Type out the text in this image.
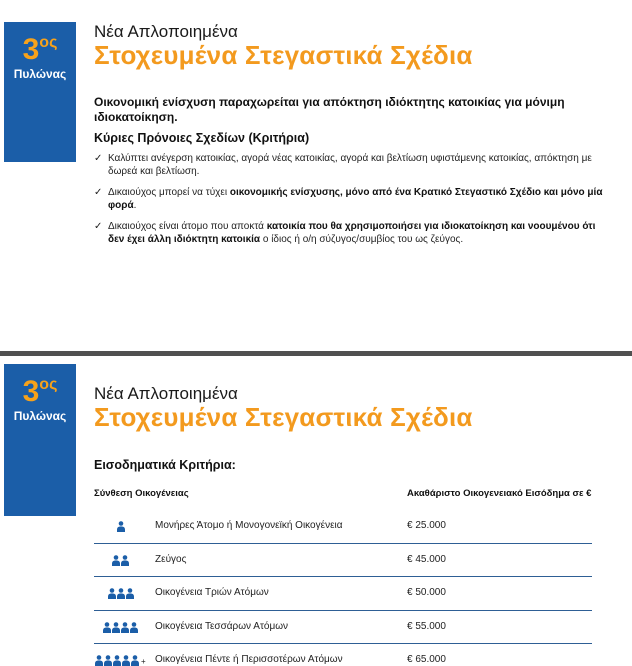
$3^{o\varsigma}$
Πυλώνας
Νέα Απλοποιημένα
Στοχευμένα Στεγαστικά Σχέδια

Οικονομική ενίσχυση παραχωρείται για απόκτηση ιδιόκτητης κατοικίας για μόνιμη ιδιοκατοίκηση.

Κύριες Πρόνοιες Σχεδίων (Κριτήρια)
✓ Καλύπτει ανέγερση κατοικίας, αγορά νέας κατοικίας, αγορά και βελτίωση υφιστάμενης κατοικίας, απόκτηση με δωρεά και βελτίωση.
✓ Δικαιούχος μπορεί να τύχει οικονομικής ενίσχυσης, μόνο από ένα Κρατικό Στεγαστικό Σχέδιο και μόνο μία φορά.
✓ Δικαιούχος είναι άτομο που αποκτά κατοικία που θα χρησιμοποιήσει για ιδιοκατοίκηση και νοουμένου ότι δεν έχει άλλη ιδιόκτητη κατοικία ο ίδιος ή ο/η σύζυγος/συμβίος του ως ζεύγος.
$3^{o\varsigma}$
Πυλώνας
Νέα Απλοποιημένα
Στοχευμένα Στεγαστικά Σχέδια
Εισοδηματικά Κριτήρια:
Σύνθεση Οικογένειας	Ακαθάριστο Οικογενειακό Εισόδημα σε €
Μονήρες Άτομο ή Μονογονεϊκή Οικογένεια	€ 25.000
Ζεύγος	€ 45.000
Οικογένεια Τριών Ατόμων	€ 50.000
Οικογένεια Τεσσάρων Ατόμων	€ 55.000
+ Οικογένεια Πέντε ή Περισσοτέρων Ατόμων	€ 65.000
